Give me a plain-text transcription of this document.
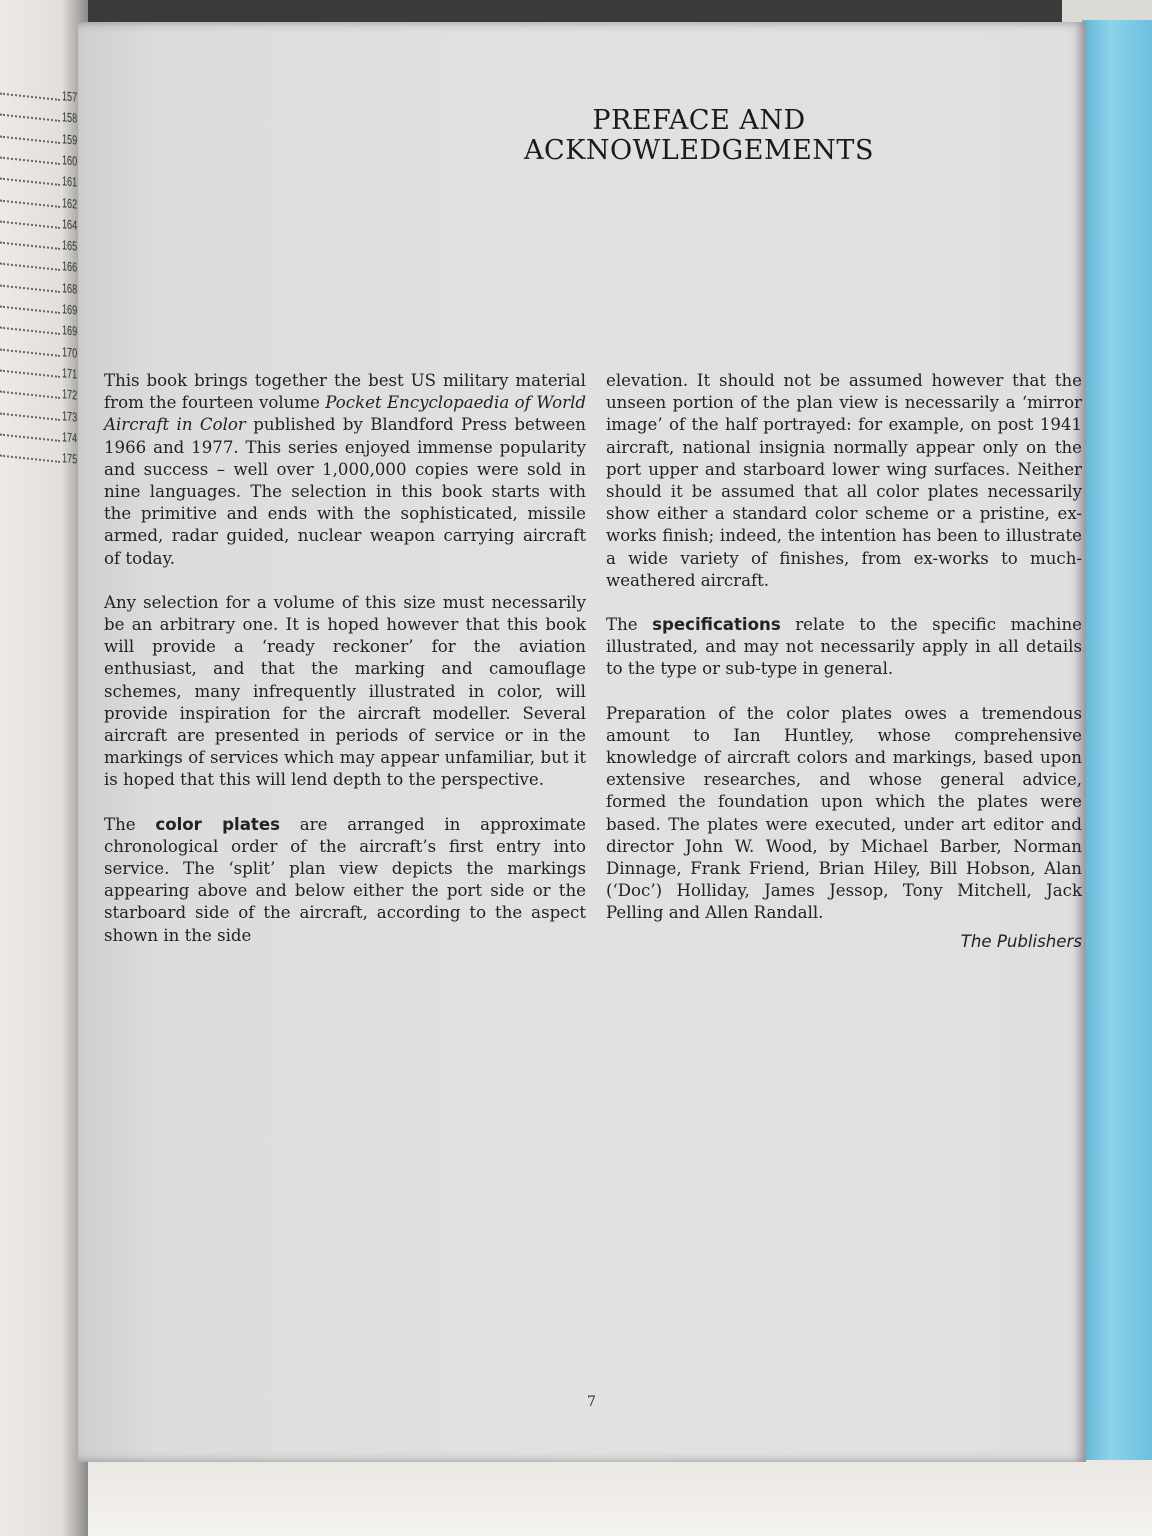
157
158
159
160
161
162
164
165
166
168
169
169
170
171
172
173
174
175
PREFACE AND
ACKNOWLEDGEMENTS

This book brings together the best US military material from the fourteen volume Pocket Encyclopaedia of World Aircraft in Color published by Blandford Press between 1966 and 1977. This series enjoyed immense popularity and success – well over 1,000,000 copies were sold in nine languages. The selection in this book starts with the primitive and ends with the sophisticated, missile armed, radar guided, nuclear weapon carrying aircraft of today.

Any selection for a volume of this size must necessarily be an arbitrary one. It is hoped however that this book will provide a ‘ready reckoner’ for the aviation enthusiast, and that the marking and camouflage schemes, many infrequently illustrated in color, will provide inspiration for the aircraft modeller. Several aircraft are presented in periods of service or in the markings of services which may appear unfamiliar, but it is hoped that this will lend depth to the perspective.

The color plates are arranged in approximate chronological order of the aircraft’s first entry into service. The ‘split’ plan view depicts the markings appearing above and below either the port side or the starboard side of the aircraft, according to the aspect shown in the side

elevation. It should not be assumed however that the unseen portion of the plan view is necessarily a ‘mirror image’ of the half portrayed: for example, on post 1941 aircraft, national insignia normally appear only on the port upper and starboard lower wing surfaces. Neither should it be assumed that all color plates necessarily show either a standard color scheme or a pristine, ex-works finish; indeed, the intention has been to illustrate a wide variety of finishes, from ex-works to much-weathered aircraft.

The specifications relate to the specific machine illustrated, and may not necessarily apply in all details to the type or sub-type in general.

Preparation of the color plates owes a tremendous amount to Ian Huntley, whose comprehensive knowledge of aircraft colors and markings, based upon extensive researches, and whose general advice, formed the foundation upon which the plates were based. The plates were executed, under art editor and director John W. Wood, by Michael Barber, Norman Dinnage, Frank Friend, Brian Hiley, Bill Hobson, Alan (‘Doc’) Holliday, James Jessop, Tony Mitchell, Jack Pelling and Allen Randall.

The Publishers
7
